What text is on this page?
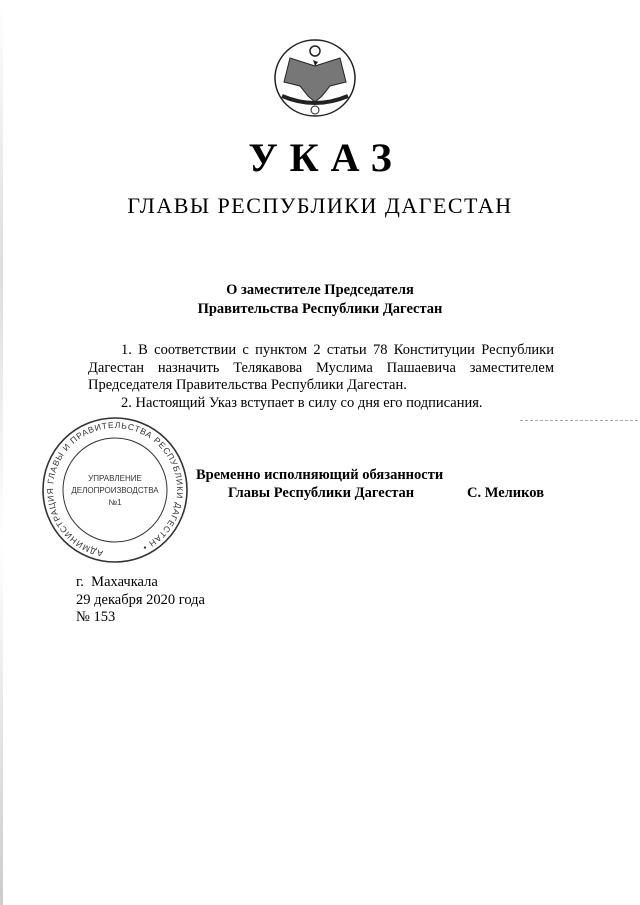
УКАЗ
ГЛАВЫ РЕСПУБЛИКИ ДАГЕСТАН
О заместителе Председателя
Правительства Республики Дагестан

1. В соответствии с пунктом 2 статьи 78 Конституции Республики Дагестан назначить Телякавова Муслима Пашаевича заместителем Председателя Правительства Республики Дагестан.

2. Настоящий Указ вступает в силу со дня его подписания.

Временно исполняющий обязанности
Главы Республики Дагестан	С. Меликов
АДМИНИСТРАЦИЯ ГЛАВЫ И ПРАВИТЕЛЬСТВА РЕСПУБЛИКИ ДАГЕСТАН •
УПРАВЛЕНИЕ
ДЕЛОПРОИЗВОДСТВА
№1
г.  Махачкала
29 декабря 2020 года
№ 153
